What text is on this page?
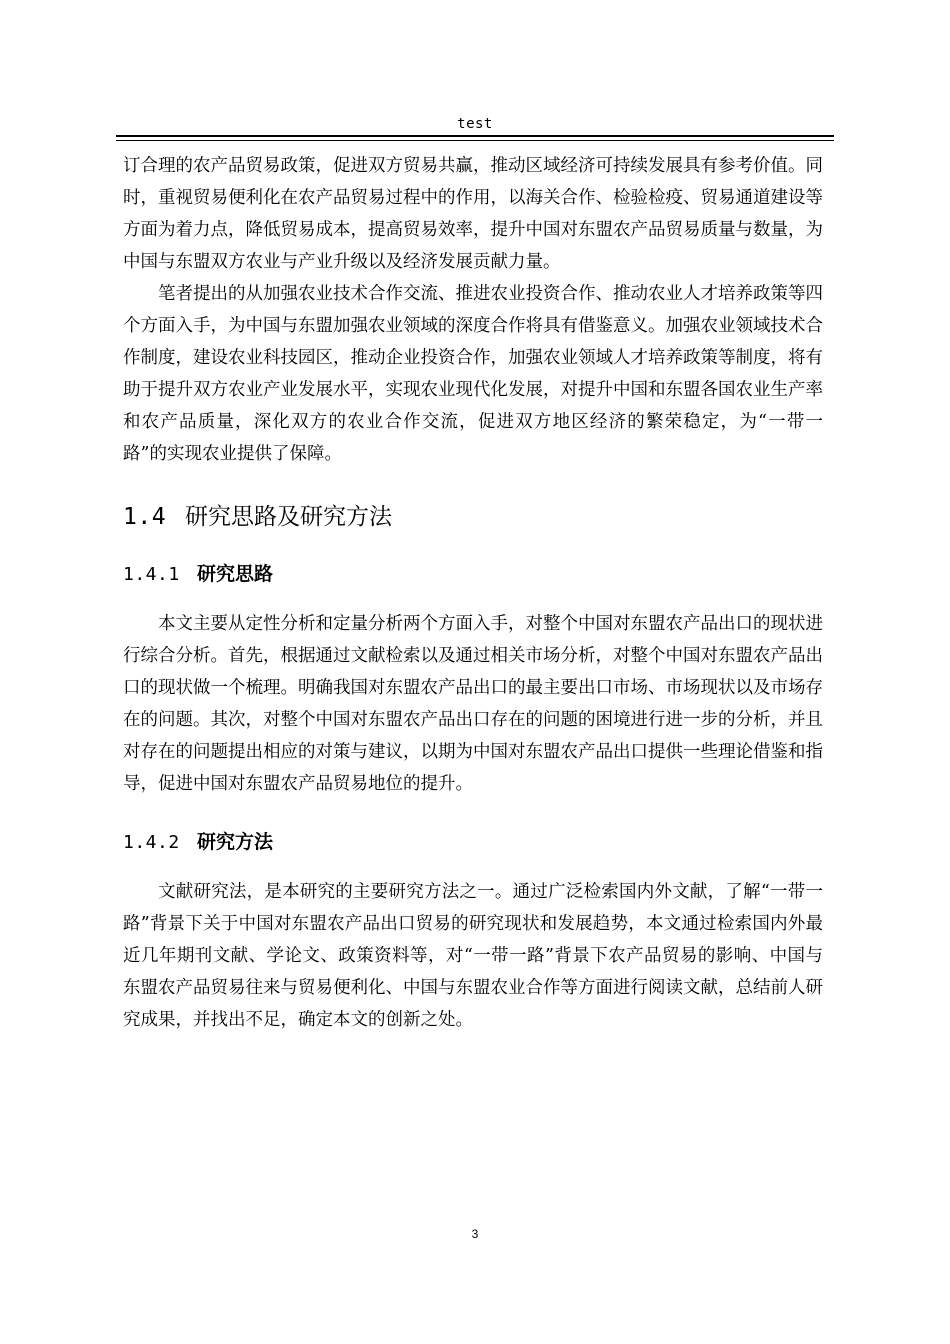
test

订合理的农产品贸易政策，促进双方贸易共赢，推动区域经济可持续发展具有参考价值。同时，重视贸易便利化在农产品贸易过程中的作用，以海关合作、检验检疫、贸易通道建设等方面为着力点，降低贸易成本，提高贸易效率，提升中国对东盟农产品贸易质量与数量，为中国与东盟双方农业与产业升级以及经济发展贡献力量。

笔者提出的从加强农业技术合作交流、推进农业投资合作、推动农业人才培养政策等四个方面入手，为中国与东盟加强农业领域的深度合作将具有借鉴意义。加强农业领域技术合作制度，建设农业科技园区，推动企业投资合作，加强农业领域人才培养政策等制度，将有助于提升双方农业产业发展水平，实现农业现代化发展，对提升中国和东盟各国农业生产率和农产品质量，深化双方的农业合作交流，促进双方地区经济的繁荣稳定，为“一带一路”的实现农业提供了保障。

1.4 研究思路及研究方法
1.4.1 研究思路

本文主要从定性分析和定量分析两个方面入手，对整个中国对东盟农产品出口的现状进行综合分析。首先，根据通过文献检索以及通过相关市场分析，对整个中国对东盟农产品出口的现状做一个梳理。明确我国对东盟农产品出口的最主要出口市场、市场现状以及市场存在的问题。其次，对整个中国对东盟农产品出口存在的问题的困境进行进一步的分析，并且对存在的问题提出相应的对策与建议，以期为中国对东盟农产品出口提供一些理论借鉴和指导，促进中国对东盟农产品贸易地位的提升。

1.4.2 研究方法

文献研究法，是本研究的主要研究方法之一。通过广泛检索国内外文献，了解“一带一路”背景下关于中国对东盟农产品出口贸易的研究现状和发展趋势，本文通过检索国内外最近几年期刊文献、学论文、政策资料等，对“一带一路”背景下农产品贸易的影响、中国与东盟农产品贸易往来与贸易便利化、中国与东盟农业合作等方面进行阅读文献，总结前人研究成果，并找出不足，确定本文的创新之处。

3
